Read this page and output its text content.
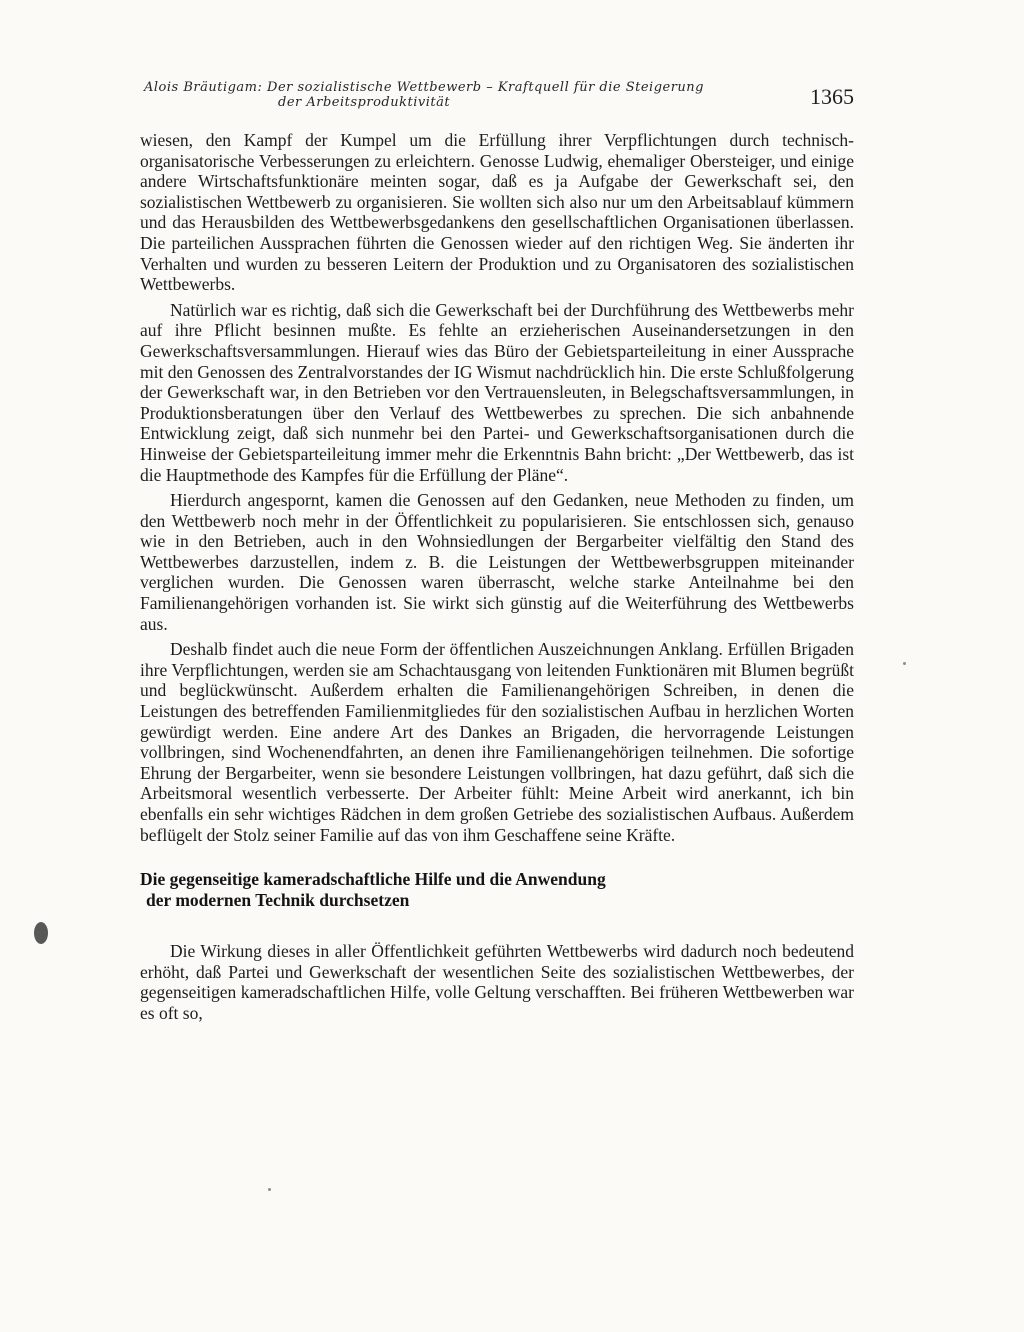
Alois Bräutigam: Der sozialistische Wettbewerb – Kraftquell für die Steigerung
der Arbeitsproduktivität	1365

wiesen, den Kampf der Kumpel um die Erfüllung ihrer Verpflichtungen durch technisch-organisatorische Verbesserungen zu erleichtern. Genosse Ludwig, ehemaliger Obersteiger, und einige andere Wirtschaftsfunktionäre meinten sogar, daß es ja Aufgabe der Gewerkschaft sei, den sozialistischen Wettbewerb zu organisieren. Sie wollten sich also nur um den Arbeitsablauf kümmern und das Herausbilden des Wettbewerbsgedankens den gesellschaftlichen Organisationen überlassen. Die parteilichen Aussprachen führten die Genossen wieder auf den richtigen Weg. Sie änderten ihr Verhalten und wurden zu besseren Leitern der Produktion und zu Organisatoren des sozialistischen Wettbewerbs.

Natürlich war es richtig, daß sich die Gewerkschaft bei der Durchführung des Wettbewerbs mehr auf ihre Pflicht besinnen mußte. Es fehlte an erzieherischen Auseinandersetzungen in den Gewerkschaftsversammlungen. Hierauf wies das Büro der Gebietsparteileitung in einer Aussprache mit den Genossen des Zentralvorstandes der IG Wismut nachdrücklich hin. Die erste Schlußfolgerung der Gewerkschaft war, in den Betrieben vor den Vertrauensleuten, in Belegschaftsversammlungen, in Produktionsberatungen über den Verlauf des Wettbewerbes zu sprechen. Die sich anbahnende Entwicklung zeigt, daß sich nunmehr bei den Partei- und Gewerkschaftsorganisationen durch die Hinweise der Gebietsparteileitung immer mehr die Erkenntnis Bahn bricht: „Der Wettbewerb, das ist die Hauptmethode des Kampfes für die Erfüllung der Pläne“.

Hierdurch angespornt, kamen die Genossen auf den Gedanken, neue Methoden zu finden, um den Wettbewerb noch mehr in der Öffentlichkeit zu popularisieren. Sie entschlossen sich, genauso wie in den Betrieben, auch in den Wohnsiedlungen der Bergarbeiter vielfältig den Stand des Wettbewerbes darzustellen, indem z. B. die Leistungen der Wettbewerbsgruppen miteinander verglichen wurden. Die Genossen waren überrascht, welche starke Anteilnahme bei den Familienangehörigen vorhanden ist. Sie wirkt sich günstig auf die Weiterführung des Wettbewerbs aus.

Deshalb findet auch die neue Form der öffentlichen Auszeichnungen Anklang. Erfüllen Brigaden ihre Verpflichtungen, werden sie am Schachtausgang von leitenden Funktionären mit Blumen begrüßt und beglückwünscht. Außerdem erhalten die Familienangehörigen Schreiben, in denen die Leistungen des betreffenden Familienmitgliedes für den sozialistischen Aufbau in herzlichen Worten gewürdigt werden. Eine andere Art des Dankes an Brigaden, die hervorragende Leistungen vollbringen, sind Wochenendfahrten, an denen ihre Familienangehörigen teilnehmen. Die sofortige Ehrung der Bergarbeiter, wenn sie besondere Leistungen vollbringen, hat dazu geführt, daß sich die Arbeitsmoral wesentlich verbesserte. Der Arbeiter fühlt: Meine Arbeit wird anerkannt, ich bin ebenfalls ein sehr wichtiges Rädchen in dem großen Getriebe des sozialistischen Aufbaus. Außerdem beflügelt der Stolz seiner Familie auf das von ihm Geschaffene seine Kräfte.

Die gegenseitige kameradschaftliche Hilfe und die Anwendung
der modernen Technik durchsetzen

Die Wirkung dieses in aller Öffentlichkeit geführten Wettbewerbs wird dadurch noch bedeutend erhöht, daß Partei und Gewerkschaft der wesentlichen Seite des sozialistischen Wettbewerbes, der gegenseitigen kameradschaftlichen Hilfe, volle Geltung verschafften. Bei früheren Wettbewerben war es oft so,
